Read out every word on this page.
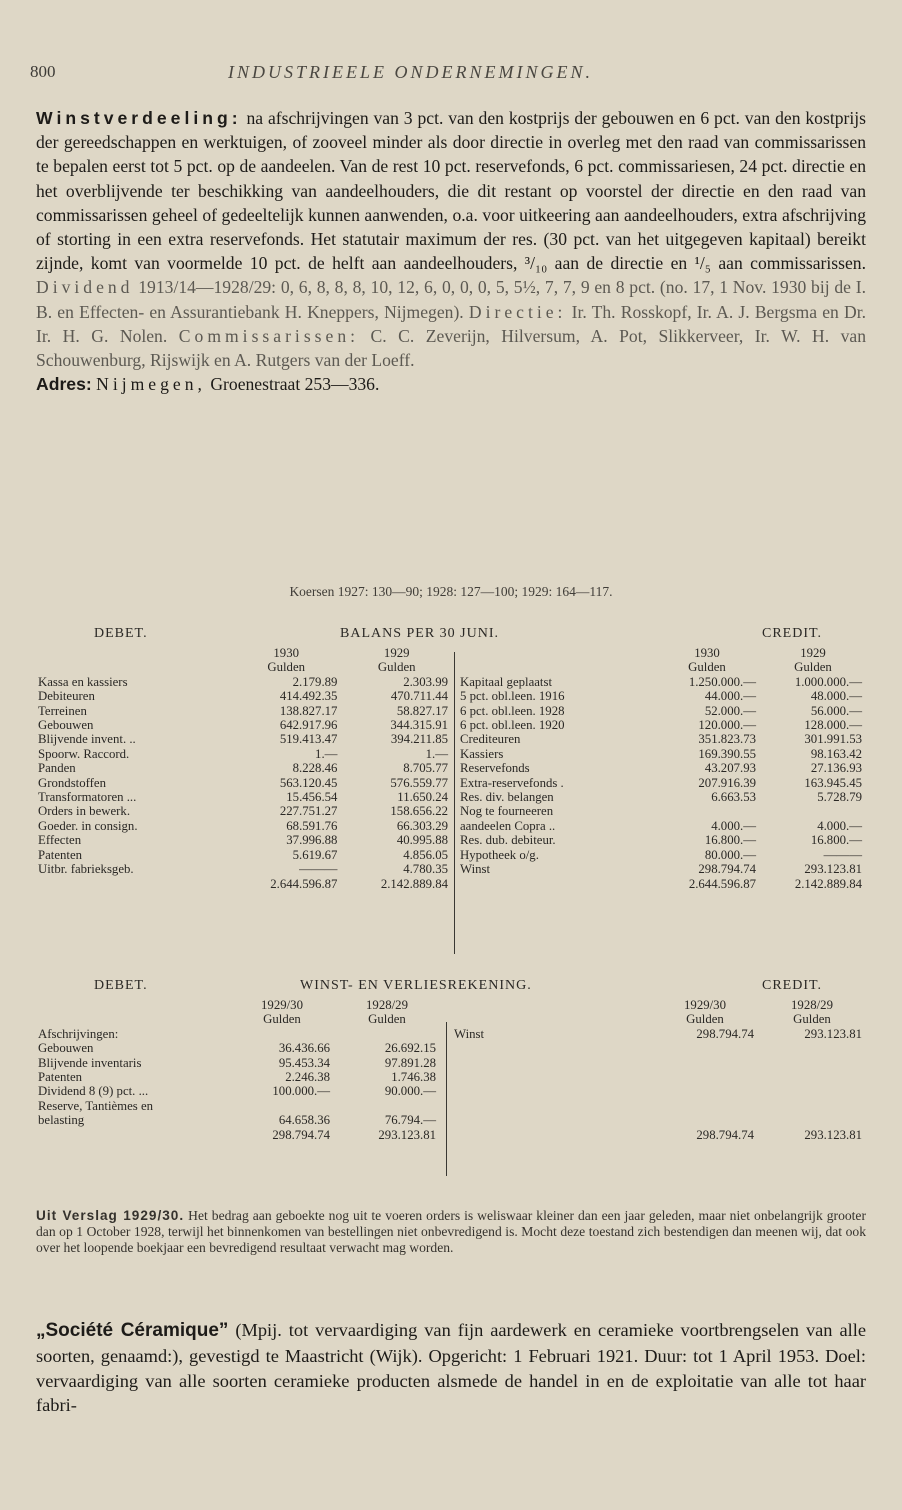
800	INDUSTRIEELE ONDERNEMINGEN.

Winstverdeeling: na afschrijvingen van 3 pct. van den kostprijs der gebouwen en 6 pct. van den kostprijs der gereedschappen en werktuigen, of zooveel minder als door directie in overleg met den raad van commissarissen te bepalen eerst tot 5 pct. op de aandeelen. Van de rest 10 pct. reservefonds, 6 pct. commissariesen, 24 pct. directie en het overblijvende ter beschikking van aandeelhouders, die dit restant op voorstel der directie en den raad van commissarissen geheel of gedeeltelijk kunnen aanwenden, o.a. voor uitkeering aan aandeelhouders, extra afschrijving of storting in een extra reservefonds. Het statutair maximum der res. (30 pct. van het uitgegeven kapitaal) bereikt zijnde, komt van voormelde 10 pct. de helft aan aandeelhouders, ³/₁₀ aan de directie en ¹/₅ aan commissarissen. Dividend 1913/14—1928/29: 0, 6, 8, 8, 8, 10, 12, 6, 0, 0, 0, 5, 5½, 7, 7, 9 en 8 pct. (no. 17, 1 Nov. 1930 bij de I. B. en Effecten- en Assurantiebank H. Kneppers, Nijmegen). Directie: Ir. Th. Rosskopf, Ir. A. J. Bergsma en Dr. Ir. H. G. Nolen. Commissarissen: C. C. Zeverijn, Hilversum, A. Pot, Slikkerveer, Ir. W. H. van Schouwenburg, Rijswijk en A. Rutgers van der Loeff.
Adres: Nijmegen, Groenestraat 253—336.

Koersen 1927: 130—90; 1928: 127—100; 1929: 164—117.
DEBET.	BALANS PER 30 JUNI.	CREDIT.
	1930	1929
	Gulden	Gulden
Kassa en kassiers	2.179.89	2.303.99
Debiteuren	414.492.35	470.711.44
Terreinen	138.827.17	58.827.17
Gebouwen	642.917.96	344.315.91
Blijvende invent. ..	519.413.47	394.211.85
Spoorw. Raccord.	1.—	1.—
Panden	8.228.46	8.705.77
Grondstoffen	563.120.45	576.559.77
Transformatoren ...	15.456.54	11.650.24
Orders in bewerk.	227.751.27	158.656.22
Goeder. in consign.	68.591.76	66.303.29
Effecten	37.996.88	40.995.88
Patenten	5.619.67	4.856.05
Uitbr. fabrieksgeb.	———	4.780.35
	2.644.596.87	2.142.889.84
	1930	1929
	Gulden	Gulden
Kapitaal geplaatst	1.250.000.—	1.000.000.—
5 pct. obl.leen. 1916	44.000.—	48.000.—
6 pct. obl.leen. 1928	52.000.—	56.000.—
6 pct. obl.leen. 1920	120.000.—	128.000.—
Crediteuren	351.823.73	301.991.53
Kassiers	169.390.55	98.163.42
Reservefonds	43.207.93	27.136.93
Extra-reservefonds .	207.916.39	163.945.45
Res. div. belangen	6.663.53	5.728.79
Nog te fourneeren		
aandeelen Copra ..	4.000.—	4.000.—
Res. dub. debiteur.	16.800.—	16.800.—
Hypotheek o/g.	80.000.—	———
Winst	298.794.74	293.123.81
	2.644.596.87	2.142.889.84
DEBET.	WINST- EN VERLIESREKENING.	CREDIT.
	1929/30	1928/29
	Gulden	Gulden
Afschrijvingen:		
Gebouwen	36.436.66	26.692.15
Blijvende inventaris	95.453.34	97.891.28
Patenten	2.246.38	1.746.38
Dividend 8 (9) pct. ...	100.000.—	90.000.—
Reserve, Tantièmes en		
belasting	64.658.36	76.794.—
	298.794.74	293.123.81
	1929/30	1928/29
	Gulden	Gulden
Winst	298.794.74	293.123.81

	298.794.74	293.123.81

Uit Verslag 1929/30. Het bedrag aan geboekte nog uit te voeren orders is weliswaar kleiner dan een jaar geleden, maar niet onbelangrijk grooter dan op 1 October 1928, terwijl het binnenkomen van bestellingen niet onbevredigend is. Mocht deze toestand zich bestendigen dan meenen wij, dat ook over het loopende boekjaar een bevredigend resultaat verwacht mag worden.

„Société Céramique” (Mpij. tot vervaardiging van fijn aardewerk en ceramieke voortbrengselen van alle soorten, genaamd:), gevestigd te Maastricht (Wijk). Opgericht: 1 Februari 1921. Duur: tot 1 April 1953. Doel: vervaardiging van alle soorten ceramieke producten alsmede de handel in en de exploitatie van alle tot haar fabri-
